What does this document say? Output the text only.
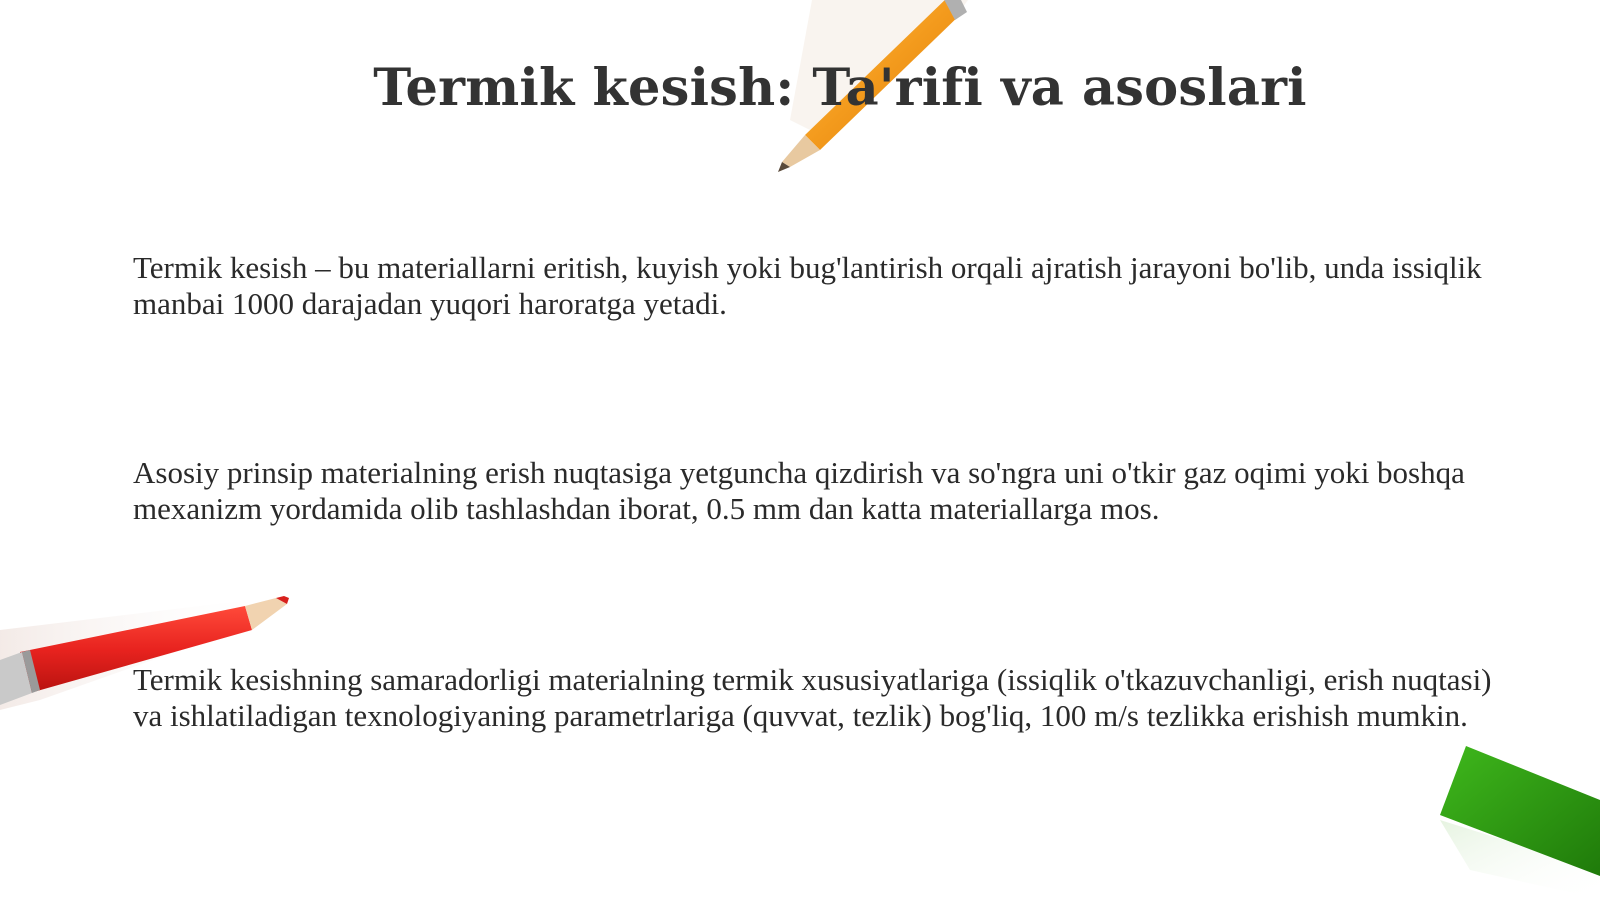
Termik kesish: Ta'rifi va asoslari

Termik kesish – bu materiallarni eritish, kuyish yoki bug'lantirish orqali ajratish jarayoni bo'lib, unda issiqlik manbai 1000 darajadan yuqori haroratga yetadi.

Asosiy prinsip materialning erish nuqtasiga yetguncha qizdirish va so'ngra uni o'tkir gaz oqimi yoki boshqa mexanizm yordamida olib tashlashdan iborat, 0.5 mm dan katta materiallarga mos.

Termik kesishning samaradorligi materialning termik xususiyatlariga (issiqlik o'tkazuvchanligi, erish nuqtasi) va ishlatiladigan texnologiyaning parametrlariga (quvvat, tezlik) bog'liq, 100 m/s tezlikka erishish mumkin.
